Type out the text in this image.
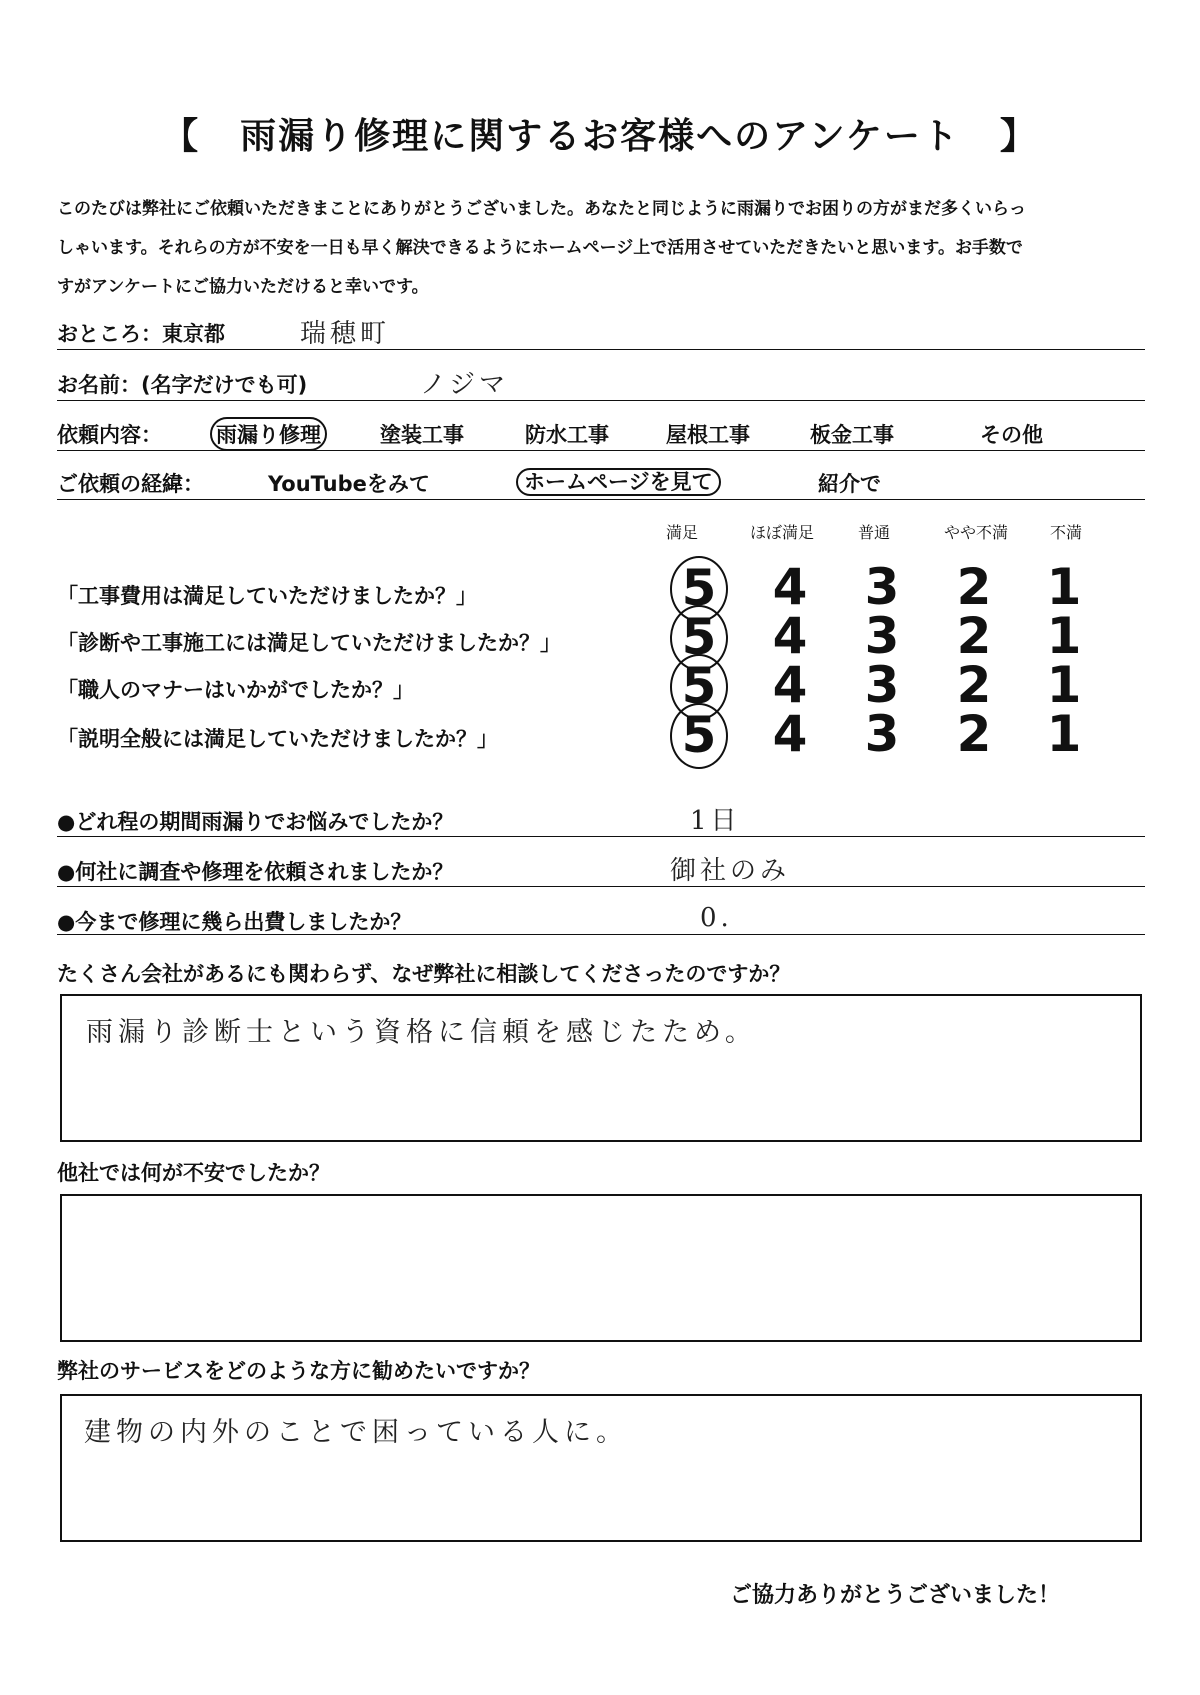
【 雨漏り修理に関するお客様へのアンケート 】
このたびは弊社にご依頼いただきまことにありがとうございました。あなたと同じように雨漏りでお困りの方がまだ多くいらっ
しゃいます。それらの方が不安を一日も早く解決できるようにホームページ上で活用させていただきたいと思います。お手数で
すがアンケートにご協力いただけると幸いです。
おところ：東京都	瑞穂町
お名前：(名字だけでも可)	ノジマ
依頼内容：	雨漏り修理	塗装工事	防水工事	屋根工事	板金工事	その他
ご依頼の経緯：	YouTubeをみて	ホームページを見て	紹介で
満足	ほぼ満足	普通	やや不満	不満
「工事費用は満足していただけましたか？」	5 4 3 2 1
「診断や工事施工には満足していただけましたか？」 5 4 3 2 1
「職人のマナーはいかがでしたか？」	5 4 3 2 1
「説明全般には満足していただけましたか？」	5 4 3 2 1
●どれ程の期間雨漏りでお悩みでしたか？	1日
●何社に調査や修理を依頼されましたか？	御社のみ
●今まで修理に幾ら出費しましたか？	0.
たくさん会社があるにも関わらず、なぜ弊社に相談してくださったのですか？
雨漏り診断士という資格に信頼を感じたため。
他社では何が不安でしたか？
弊社のサービスをどのような方に勧めたいですか？
建物の内外のことで困っている人に。
ご協力ありがとうございました！
